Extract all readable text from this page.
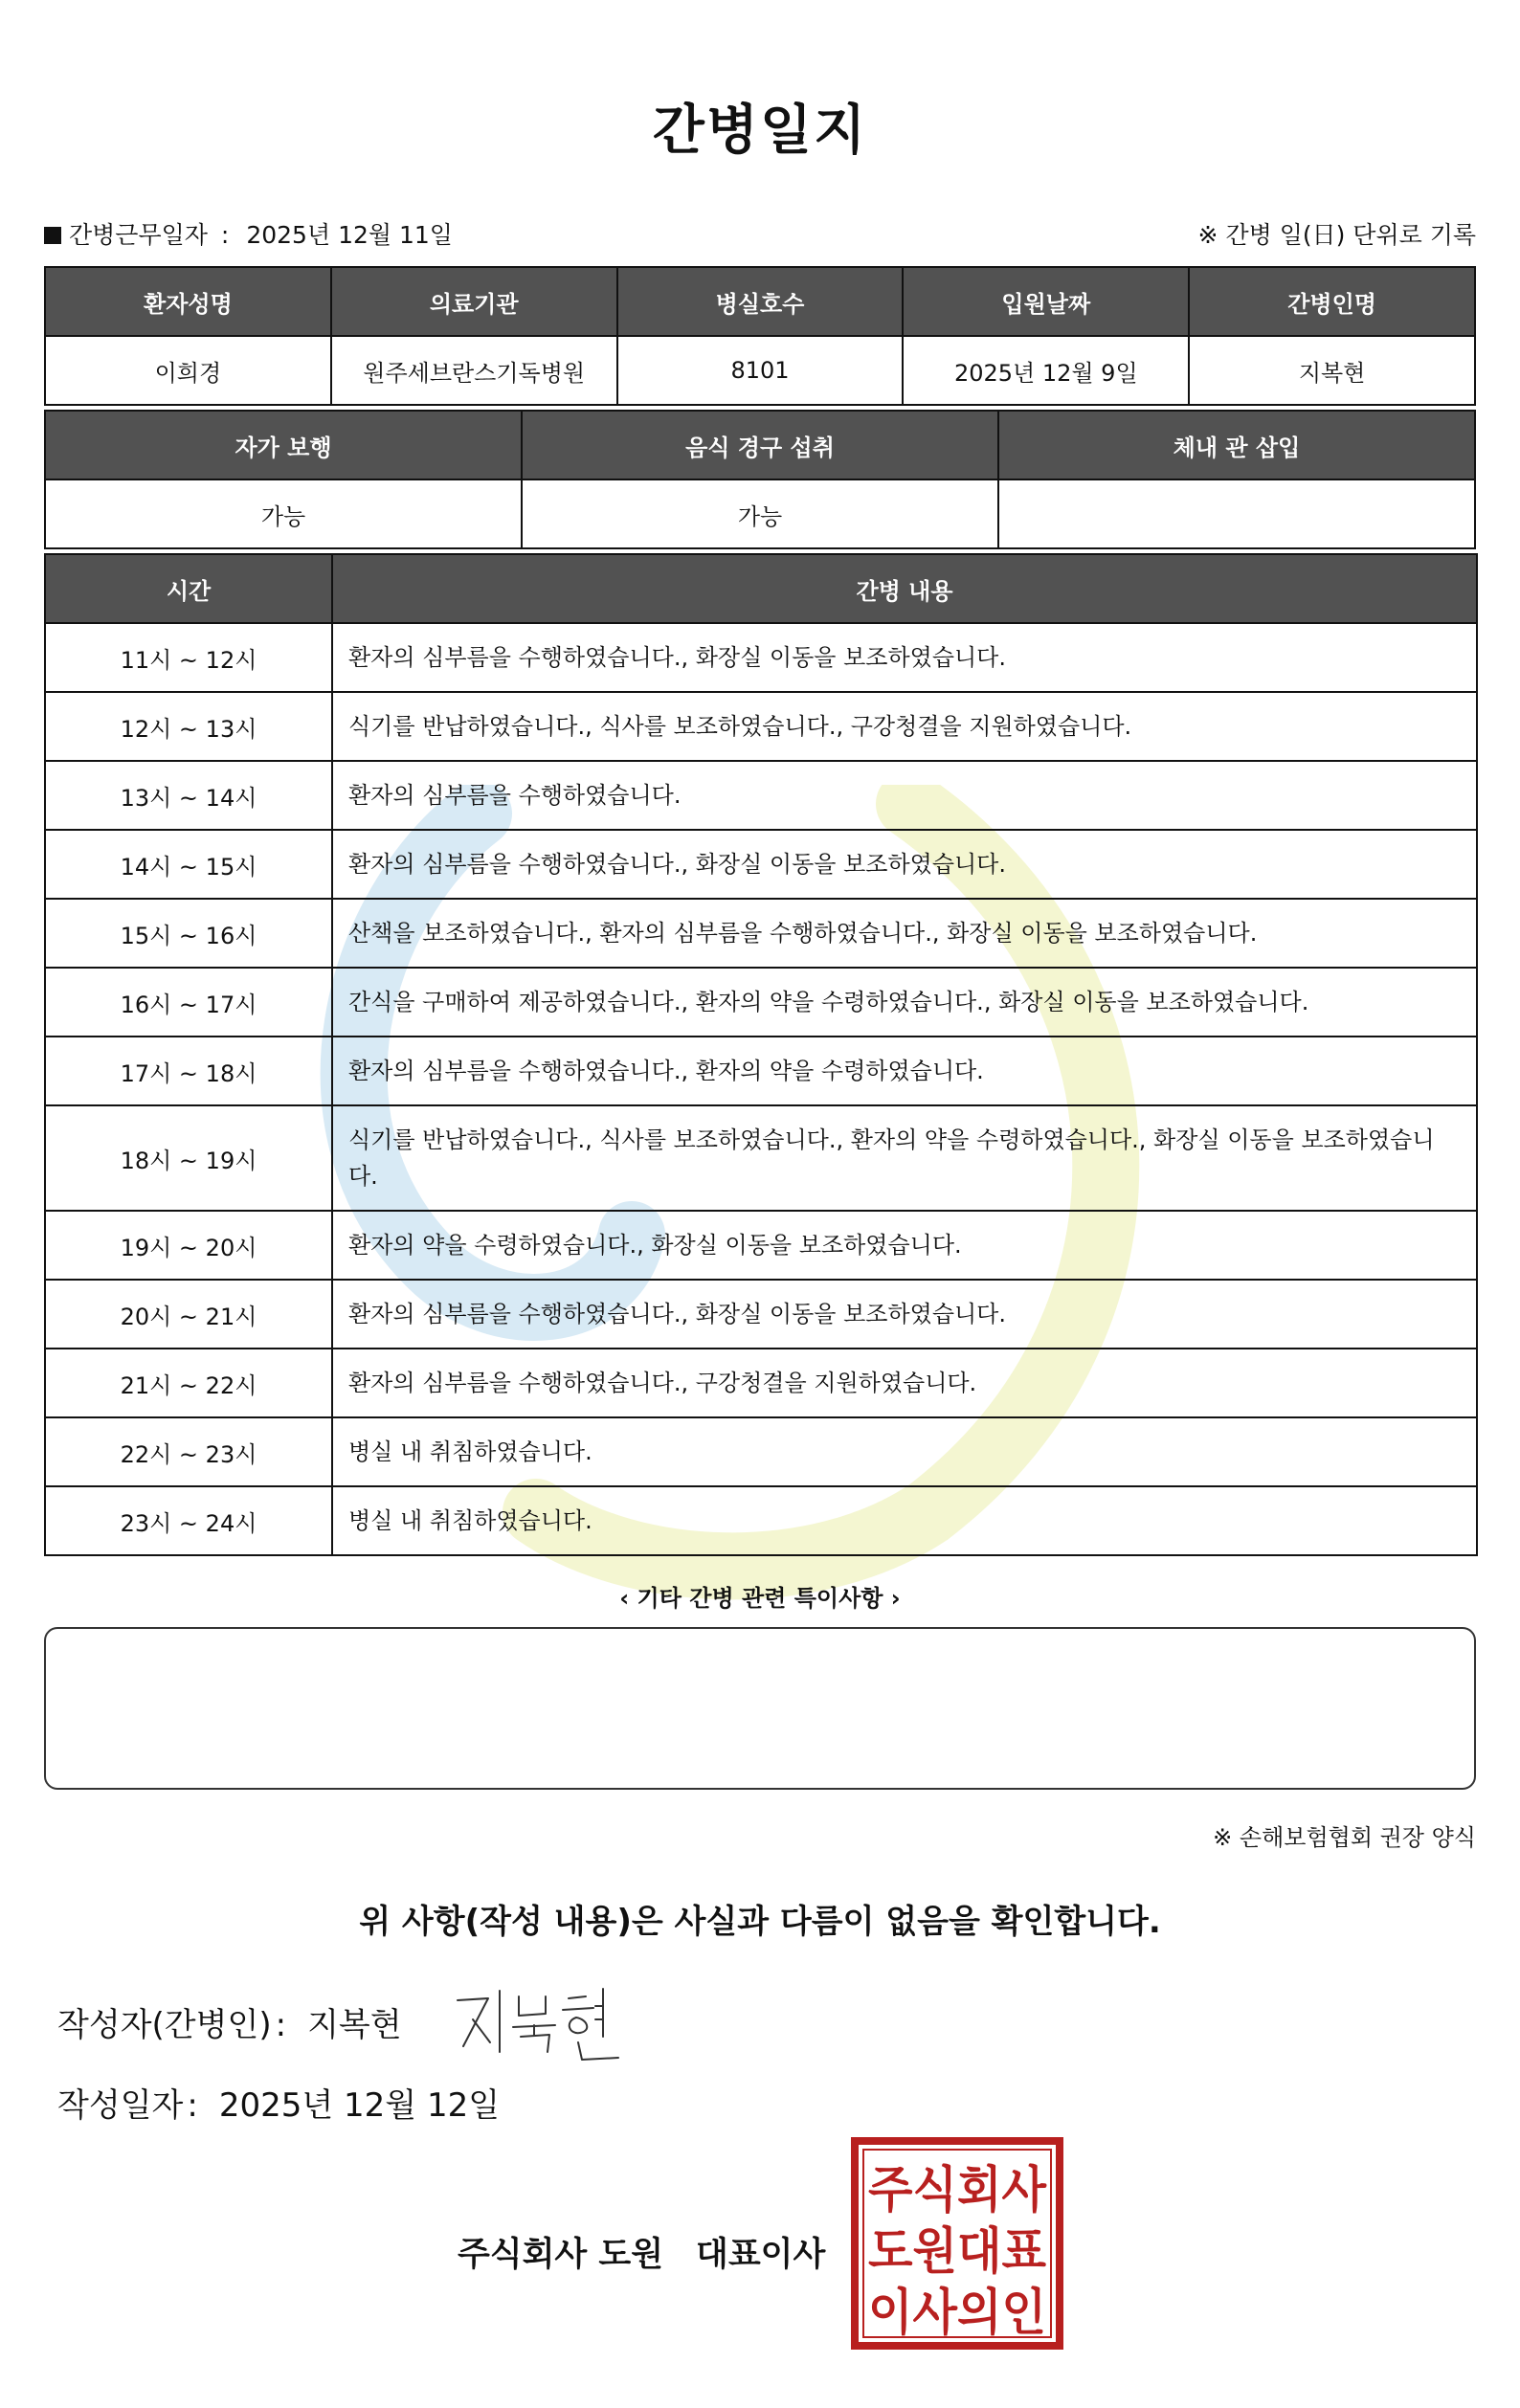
간병일지
간병근무일자 : 2025년 12월 11일	※ 간병 일(日) 단위로 기록
환자성명	의료기관	병실호수	입원날짜	간병인명
이희경	원주세브란스기독병원	8101	2025년 12월 9일	지복현
자가 보행	음식 경구 섭취	체내 관 삽입
가능	가능	
시간	간병 내용
11시 ~ 12시	환자의 심부름을 수행하였습니다., 화장실 이동을 보조하였습니다.
12시 ~ 13시	식기를 반납하였습니다., 식사를 보조하였습니다., 구강청결을 지원하였습니다.
13시 ~ 14시	환자의 심부름을 수행하였습니다.
14시 ~ 15시	환자의 심부름을 수행하였습니다., 화장실 이동을 보조하였습니다.
15시 ~ 16시	산책을 보조하였습니다., 환자의 심부름을 수행하였습니다., 화장실 이동을 보조하였습니다.
16시 ~ 17시	간식을 구매하여 제공하였습니다., 환자의 약을 수령하였습니다., 화장실 이동을 보조하였습니다.
17시 ~ 18시	환자의 심부름을 수행하였습니다., 환자의 약을 수령하였습니다.
18시 ~ 19시	식기를 반납하였습니다., 식사를 보조하였습니다., 환자의 약을 수령하였습니다., 화장실 이동을 보조하였습니다.
19시 ~ 20시	환자의 약을 수령하였습니다., 화장실 이동을 보조하였습니다.
20시 ~ 21시	환자의 심부름을 수행하였습니다., 화장실 이동을 보조하였습니다.
21시 ~ 22시	환자의 심부름을 수행하였습니다., 구강청결을 지원하였습니다.
22시 ~ 23시	병실 내 취침하였습니다.
23시 ~ 24시	병실 내 취침하였습니다.
‹ 기타 간병 관련 특이사항 ›
※ 손해보험협회 권장 양식
위 사항(작성 내용)은 사실과 다름이 없음을 확인합니다.
작성자(간병인) : 지복현
작성일자 : 2025년 12월 12일
주식회사 도원 대표이사
주식회사
도원대표
이사의인
